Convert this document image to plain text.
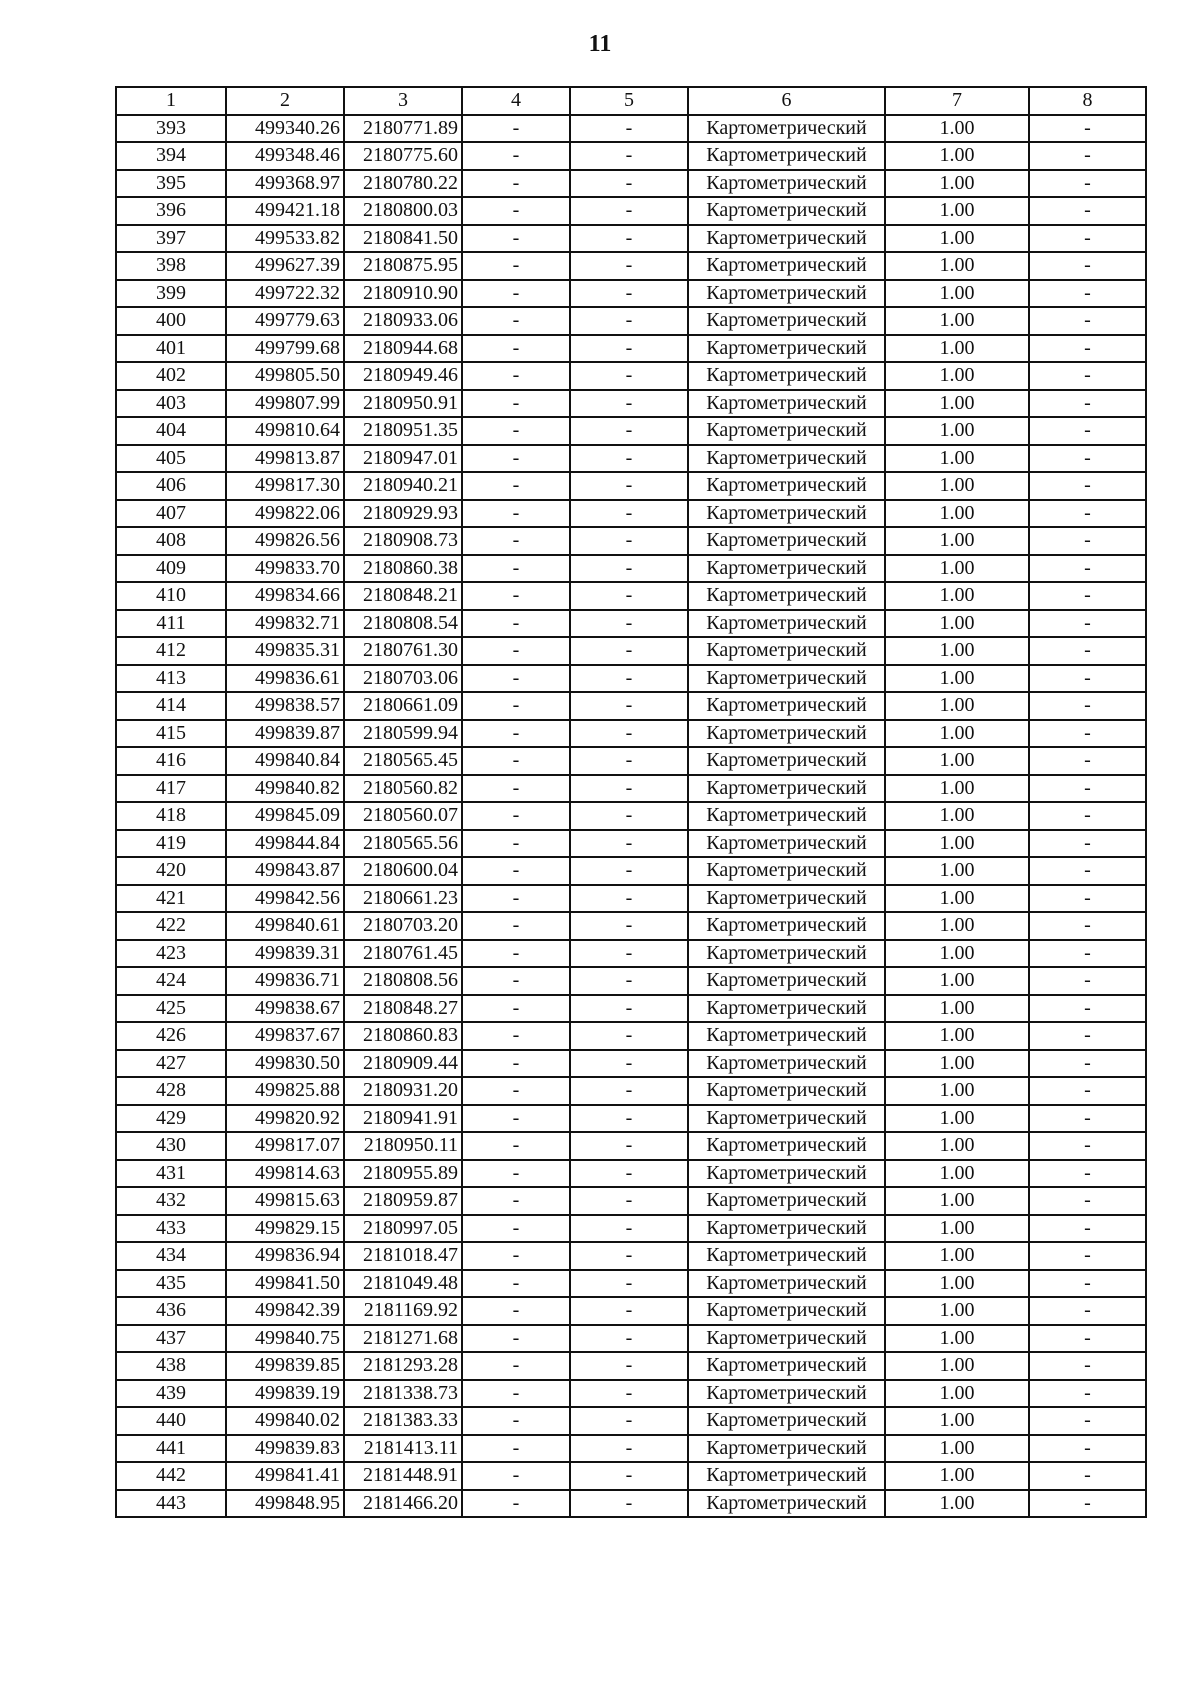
11
1	2	3	4	5	6	7	8
393	499340.26	2180771.89	-	-	Картометрический	1.00	-
394	499348.46	2180775.60	-	-	Картометрический	1.00	-
395	499368.97	2180780.22	-	-	Картометрический	1.00	-
396	499421.18	2180800.03	-	-	Картометрический	1.00	-
397	499533.82	2180841.50	-	-	Картометрический	1.00	-
398	499627.39	2180875.95	-	-	Картометрический	1.00	-
399	499722.32	2180910.90	-	-	Картометрический	1.00	-
400	499779.63	2180933.06	-	-	Картометрический	1.00	-
401	499799.68	2180944.68	-	-	Картометрический	1.00	-
402	499805.50	2180949.46	-	-	Картометрический	1.00	-
403	499807.99	2180950.91	-	-	Картометрический	1.00	-
404	499810.64	2180951.35	-	-	Картометрический	1.00	-
405	499813.87	2180947.01	-	-	Картометрический	1.00	-
406	499817.30	2180940.21	-	-	Картометрический	1.00	-
407	499822.06	2180929.93	-	-	Картометрический	1.00	-
408	499826.56	2180908.73	-	-	Картометрический	1.00	-
409	499833.70	2180860.38	-	-	Картометрический	1.00	-
410	499834.66	2180848.21	-	-	Картометрический	1.00	-
411	499832.71	2180808.54	-	-	Картометрический	1.00	-
412	499835.31	2180761.30	-	-	Картометрический	1.00	-
413	499836.61	2180703.06	-	-	Картометрический	1.00	-
414	499838.57	2180661.09	-	-	Картометрический	1.00	-
415	499839.87	2180599.94	-	-	Картометрический	1.00	-
416	499840.84	2180565.45	-	-	Картометрический	1.00	-
417	499840.82	2180560.82	-	-	Картометрический	1.00	-
418	499845.09	2180560.07	-	-	Картометрический	1.00	-
419	499844.84	2180565.56	-	-	Картометрический	1.00	-
420	499843.87	2180600.04	-	-	Картометрический	1.00	-
421	499842.56	2180661.23	-	-	Картометрический	1.00	-
422	499840.61	2180703.20	-	-	Картометрический	1.00	-
423	499839.31	2180761.45	-	-	Картометрический	1.00	-
424	499836.71	2180808.56	-	-	Картометрический	1.00	-
425	499838.67	2180848.27	-	-	Картометрический	1.00	-
426	499837.67	2180860.83	-	-	Картометрический	1.00	-
427	499830.50	2180909.44	-	-	Картометрический	1.00	-
428	499825.88	2180931.20	-	-	Картометрический	1.00	-
429	499820.92	2180941.91	-	-	Картометрический	1.00	-
430	499817.07	2180950.11	-	-	Картометрический	1.00	-
431	499814.63	2180955.89	-	-	Картометрический	1.00	-
432	499815.63	2180959.87	-	-	Картометрический	1.00	-
433	499829.15	2180997.05	-	-	Картометрический	1.00	-
434	499836.94	2181018.47	-	-	Картометрический	1.00	-
435	499841.50	2181049.48	-	-	Картометрический	1.00	-
436	499842.39	2181169.92	-	-	Картометрический	1.00	-
437	499840.75	2181271.68	-	-	Картометрический	1.00	-
438	499839.85	2181293.28	-	-	Картометрический	1.00	-
439	499839.19	2181338.73	-	-	Картометрический	1.00	-
440	499840.02	2181383.33	-	-	Картометрический	1.00	-
441	499839.83	2181413.11	-	-	Картометрический	1.00	-
442	499841.41	2181448.91	-	-	Картометрический	1.00	-
443	499848.95	2181466.20	-	-	Картометрический	1.00	-
